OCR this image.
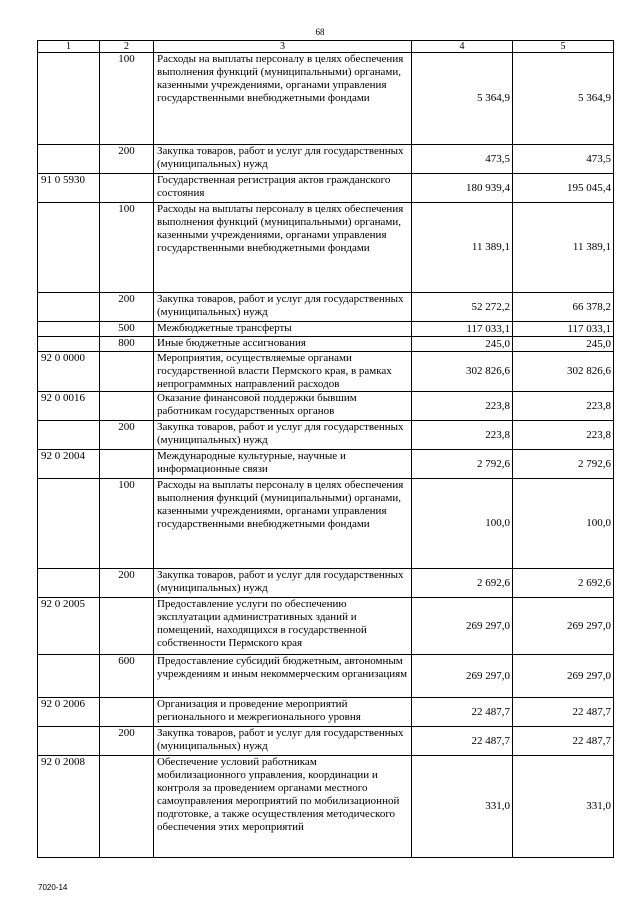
68
1	2	3	4	5
	100	Расходы на выплаты персоналу в целях обеспечения выполнения функций (муниципальными) органами, казенными учреждениями, органами управления государственными внебюджетными фондами	5 364,9	5 364,9
	200	Закупка товаров, работ и услуг для государственных (муниципальных) нужд	473,5	473,5
91 0 5930		Государственная регистрация актов гражданского состояния	180 939,4	195 045,4
	100	Расходы на выплаты персоналу в целях обеспечения выполнения функций (муниципальными) органами, казенными учреждениями, органами управления государственными внебюджетными фондами	11 389,1	11 389,1
	200	Закупка товаров, работ и услуг для государственных (муниципальных) нужд	52 272,2	66 378,2
	500	Межбюджетные трансферты	117 033,1	117 033,1
	800	Иные бюджетные ассигнования	245,0	245,0
92 0 0000		Мероприятия, осуществляемые органами государственной власти Пермского края, в рамках непрограммных направлений расходов	302 826,6	302 826,6
92 0 0016		Оказание финансовой поддержки бывшим работникам государственных органов	223,8	223,8
	200	Закупка товаров, работ и услуг для государственных (муниципальных) нужд	223,8	223,8
92 0 2004		Международные культурные, научные и информационные связи	2 792,6	2 792,6
	100	Расходы на выплаты персоналу в целях обеспечения выполнения функций (муниципальными) органами, казенными учреждениями, органами управления государственными внебюджетными фондами	100,0	100,0
	200	Закупка товаров, работ и услуг для государственных (муниципальных) нужд	2 692,6	2 692,6
92 0 2005		Предоставление услуги по обеспечению эксплуатации административных зданий и помещений, находящихся в государственной собственности Пермского края	269 297,0	269 297,0
	600	Предоставление субсидий бюджетным, автономным учреждениям и иным некоммерческим организациям	269 297,0	269 297,0
92 0 2006		Организация и проведение мероприятий регионального и межрегионального уровня	22 487,7	22 487,7
	200	Закупка товаров, работ и услуг для государственных (муниципальных) нужд	22 487,7	22 487,7
92 0 2008		Обеспечение условий работникам мобилизационного управления, координации и контроля за проведением органами местного самоуправления мероприятий по мобилизационной подготовке, а также осуществления методического обеспечения этих мероприятий	331,0	331,0
7020-14
